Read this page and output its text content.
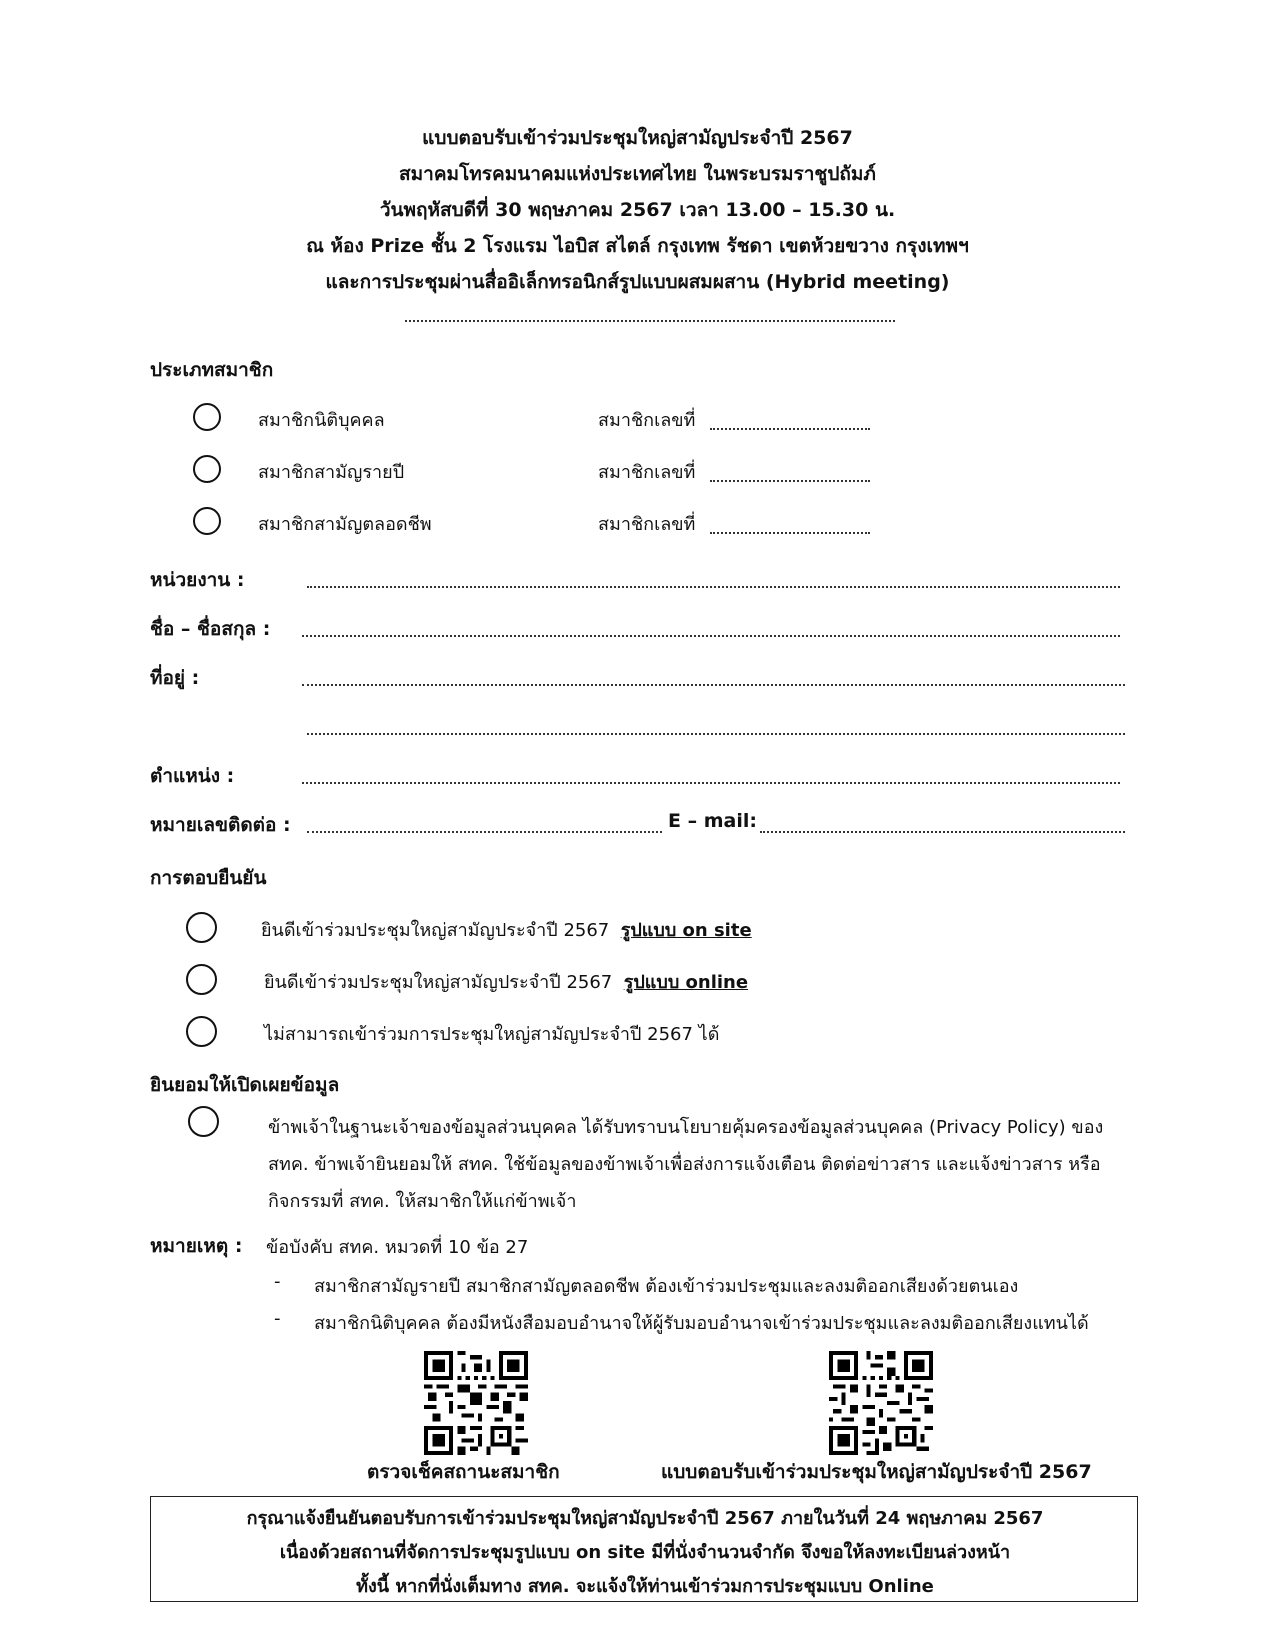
แบบตอบรับเข้าร่วมประชุมใหญ่สามัญประจำปี 2567
สมาคมโทรคมนาคมแห่งประเทศไทย ในพระบรมราชูปถัมภ์
วันพฤหัสบดีที่ 30 พฤษภาคม 2567 เวลา 13.00 – 15.30 น.
ณ ห้อง Prize ชั้น 2 โรงแรม ไอบิส สไตล์ กรุงเทพ รัชดา เขตห้วยขวาง กรุงเทพฯ
และการประชุมผ่านสื่ออิเล็กทรอนิกส์รูปแบบผสมผสาน (Hybrid meeting)
ประเภทสมาชิก
สมาชิกนิติบุคคล	สมาชิกเลขที่
สมาชิกสามัญรายปี	สมาชิกเลขที่
สมาชิกสามัญตลอดชีพ	สมาชิกเลขที่
หน่วยงาน :
ชื่อ – ชื่อสกุล :
ที่อยู่ :
ตำแหน่ง :
หมายเลขติดต่อ :	E – mail:
การตอบยืนยัน
ยินดีเข้าร่วมประชุมใหญ่สามัญประจำปี 2567 รูปแบบ on site
ยินดีเข้าร่วมประชุมใหญ่สามัญประจำปี 2567 รูปแบบ online
ไม่สามารถเข้าร่วมการประชุมใหญ่สามัญประจำปี 2567 ได้
ยินยอมให้เปิดเผยข้อมูล
ข้าพเจ้าในฐานะเจ้าของข้อมูลส่วนบุคคล ได้รับทราบนโยบายคุ้มครองข้อมูลส่วนบุคคล (Privacy Policy) ของ
สทค. ข้าพเจ้ายินยอมให้ สทค. ใช้ข้อมูลของข้าพเจ้าเพื่อส่งการแจ้งเตือน ติดต่อข่าวสาร และแจ้งข่าวสาร หรือ
กิจกรรมที่ สทค. ให้สมาชิกให้แก่ข้าพเจ้า
หมายเหตุ : ข้อบังคับ สทค. หมวดที่ 10 ข้อ 27
- สมาชิกสามัญรายปี สมาชิกสามัญตลอดชีพ ต้องเข้าร่วมประชุมและลงมติออกเสียงด้วยตนเอง
- สมาชิกนิติบุคคล ต้องมีหนังสือมอบอำนาจให้ผู้รับมอบอำนาจเข้าร่วมประชุมและลงมติออกเสียงแทนได้
ตรวจเช็คสถานะสมาชิก	แบบตอบรับเข้าร่วมประชุมใหญ่สามัญประจำปี 2567
กรุณาแจ้งยืนยันตอบรับการเข้าร่วมประชุมใหญ่สามัญประจำปี 2567 ภายในวันที่ 24 พฤษภาคม 2567
เนื่องด้วยสถานที่จัดการประชุมรูปแบบ on site มีที่นั่งจำนวนจำกัด จึงขอให้ลงทะเบียนล่วงหน้า
ทั้งนี้ หากที่นั่งเต็มทาง สทค. จะแจ้งให้ท่านเข้าร่วมการประชุมแบบ Online
